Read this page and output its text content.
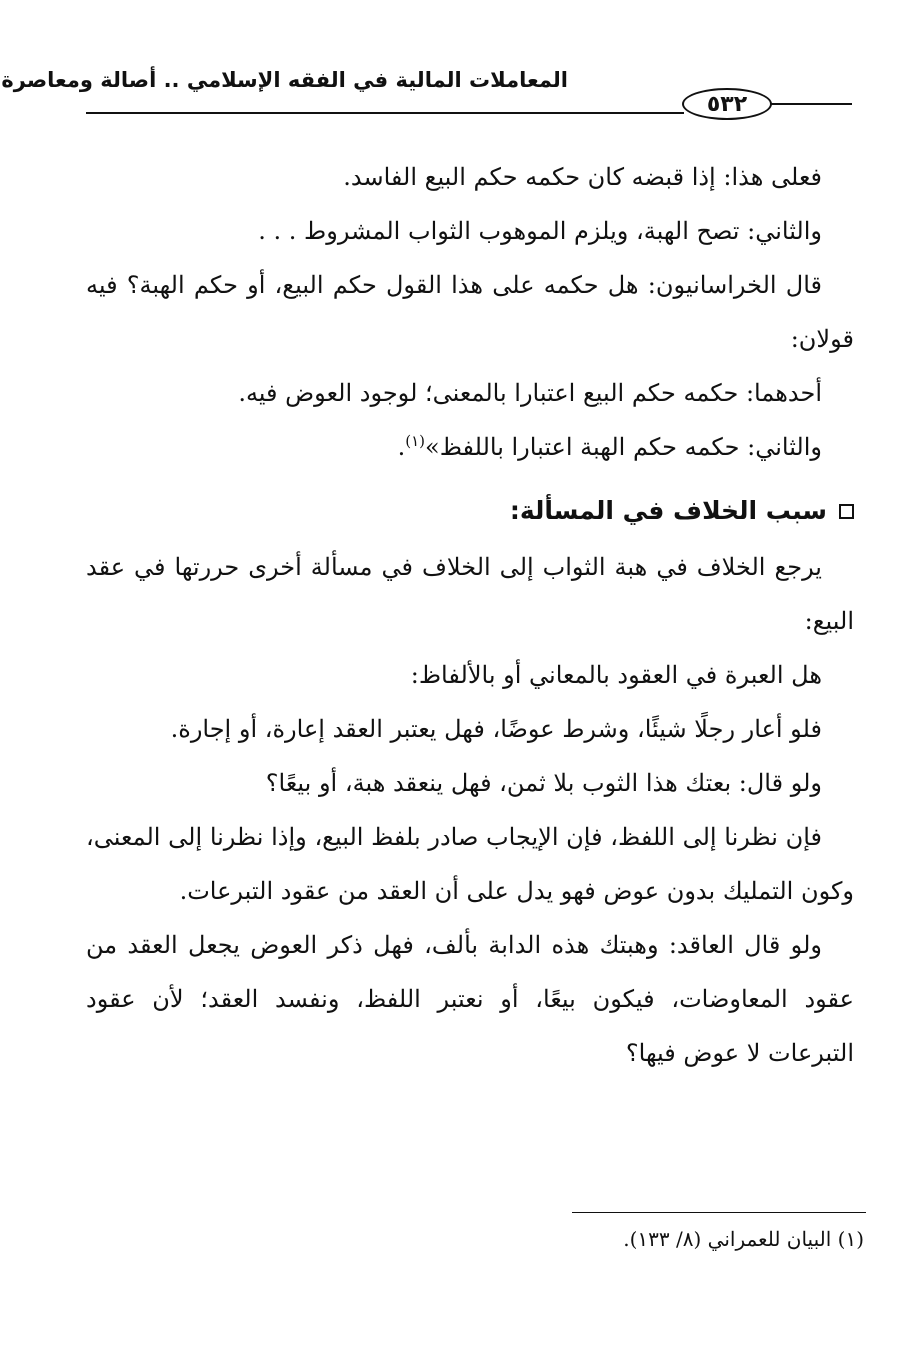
المعاملات المالية في الفقه الإسلامي .. أصالة ومعاصرة
٥٣٢

فعلى هذا: إذا قبضه كان حكمه حكم البيع الفاسد.

والثاني: تصح الهبة، ويلزم الموهوب الثواب المشروط . . .

قال الخراسانيون: هل حكمه على هذا القول حكم البيع، أو حكم الهبة؟ فيه قولان:

أحدهما: حكمه حكم البيع اعتبارا بالمعنى؛ لوجود العوض فيه.

والثاني: حكمه حكم الهبة اعتبارا باللفظ»$^{(١)}$.

سبب الخلاف في المسألة:

يرجع الخلاف في هبة الثواب إلى الخلاف في مسألة أخرى حررتها في عقد البيع:

هل العبرة في العقود بالمعاني أو بالألفاظ:

فلو أعار رجلًا شيئًا، وشرط عوضًا، فهل يعتبر العقد إعارة، أو إجارة.

ولو قال: بعتك هذا الثوب بلا ثمن، فهل ينعقد هبة، أو بيعًا؟

فإن نظرنا إلى اللفظ، فإن الإيجاب صادر بلفظ البيع، وإذا نظرنا إلى المعنى، وكون التمليك بدون عوض فهو يدل على أن العقد من عقود التبرعات.

ولو قال العاقد: وهبتك هذه الدابة بألف، فهل ذكر العوض يجعل العقد من عقود المعاوضات، فيكون بيعًا، أو نعتبر اللفظ، ونفسد العقد؛ لأن عقود التبرعات لا عوض فيها؟

(١) البيان للعمراني (٨/ ١٣٣).
